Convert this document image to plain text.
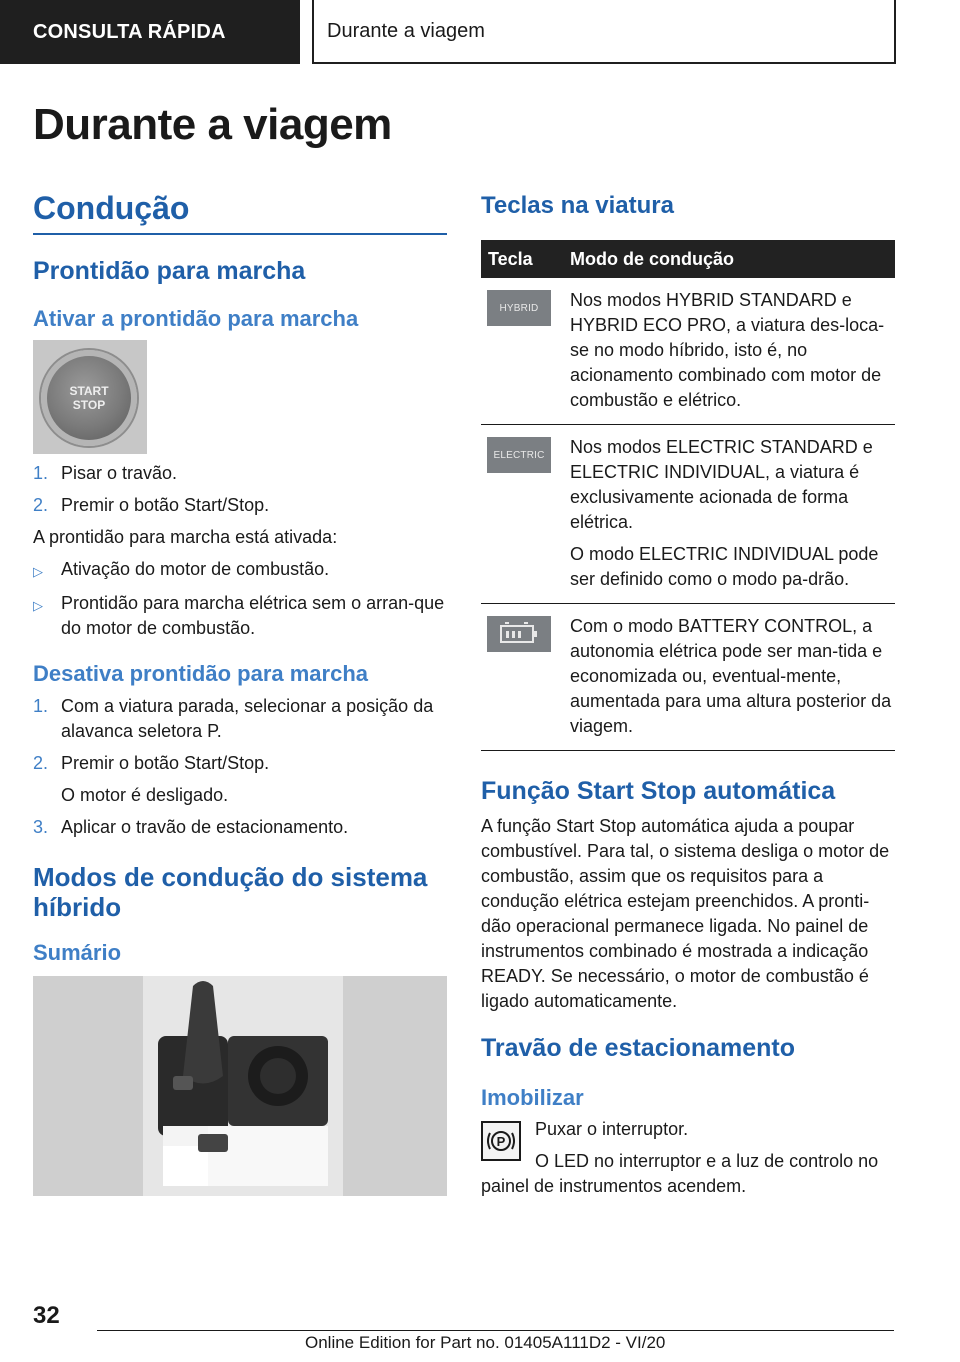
CONSULTA RÁPIDA	Durante a viagem
Durante a viagem
Condução
Prontidão para marcha
Ativar a prontidão para marcha
START
STOP
1. Pisar o travão.
2. Premir o botão Start/Stop.
A prontidão para marcha está ativada:
▷	Ativação do motor de combustão.
▷	Prontidão para marcha elétrica sem o arran-que do motor de combustão.
Desativa prontidão para marcha
1. Com a viatura parada, selecionar a posição da alavanca seletora P.
2. Premir o botão Start/Stop.
O motor é desligado.
3. Aplicar o travão de estacionamento.
Modos de condução do sistema híbrido
Sumário
Teclas na viatura
Tecla	Modo de condução
HYBRID	Nos modos HYBRID STANDARD e HYBRID ECO PRO, a viatura des-loca-se no modo híbrido, isto é, no acionamento combinado com motor de combustão e elétrico.
ELECTRIC	Nos modos ELECTRIC STANDARD e ELECTRIC INDIVIDUAL, a viatura é exclusivamente acionada de forma elétrica.
O modo ELECTRIC INDIVIDUAL pode ser definido como o modo pa-drão.
Com o modo BATTERY CONTROL, a autonomia elétrica pode ser man-tida e economizada ou, eventual-mente, aumentada para uma altura posterior da viagem.
Função Start Stop automática
A função Start Stop automática ajuda a poupar combustível. Para tal, o sistema desliga o motor de combustão, assim que os requisitos para a condução elétrica estejam preenchidos. A pronti-dão operacional permanece ligada. No painel de instrumentos combinado é mostrada a indicação READY. Se necessário, o motor de combustão é ligado automaticamente.
Travão de estacionamento
Imobilizar
P
Puxar o interruptor.
O LED no interruptor e a luz de controlo no painel de instrumentos acendem.
32
Online Edition for Part no. 01405A111D2 - VI/20
